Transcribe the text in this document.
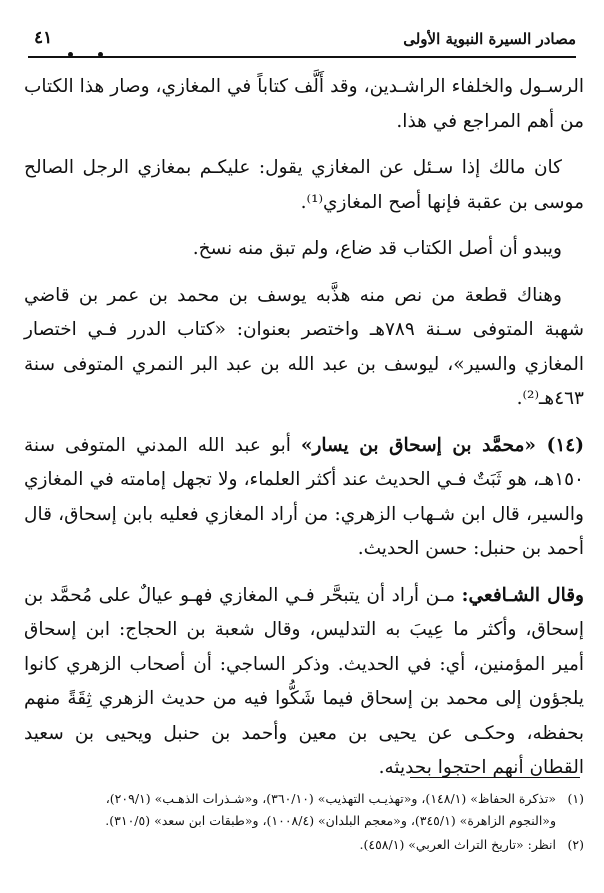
مصادر السيرة النبوية الأولى
٤١

الرسـول والخلفاء الراشـدين، وقد أَلَّف كتاباً في المغازي، وصار هذا الكتاب من أهم المراجع في هذا.

كان مالك إذا سـئل عن المغازي يقول: عليكـم بمغازي الرجل الصالح موسى بن عقبة فإنها أصح المغازي⁽¹⁾.

ويبدو أن أصل الكتاب قد ضاع، ولم تبق منه نسخ.

وهناك قطعة من نص منه هذَّبه يوسف بن محمد بن عمر بن قاضي شهبة المتوفى سـنة ٧٨٩هـ واختصر بعنوان: «كتاب الدرر فـي اختصار المغازي والسير»، ليوسف بن عبد الله بن عبد البر النمري المتوفى سنة ٤٦٣هـ⁽²⁾.

(١٤) «محمَّد بن إسحاق بن يسار» أبو عبد الله المدني المتوفى سنة ١٥٠هـ، هو ثَبَتٌ فـي الحديث عند أكثر العلماء، ولا تجهل إمامته في المغازي والسير، قال ابن شـهاب الزهري: من أراد المغازي فعليه بابن إسحاق، قال أحمد بن حنبل: حسن الحديث.

وقال الشـافعي: مـن أراد أن يتبحَّر فـي المغازي فهـو عيالٌ على مُحمَّد بن إسحاق، وأكثر ما عِيبَ به التدليس، وقال شعبة بن الحجاج: ابن إسحاق أمير المؤمنين، أي: في الحديث. وذكر الساجي: أن أصحاب الزهري كانوا يلجؤون إلى محمد بن إسحاق فيما شَكُّوا فيه من حديث الزهري ثِقَةً منهم بحفظه، وحكـى عن يحيى بن معين وأحمد بن حنبل ويحيى بن سعيد القطان أنهم احتجوا بحديثه.

(١)«تذكرة الحفاظ» (١٤٨/١)، و«تهذيـب التهذيب» (٣٦٠/١٠)، و«شـذرات الذهـب» (٢٠٩/١)،
و«النجوم الزاهرة» (٣٤٥/١)، و«معجم البلدان» (١٠٠٨/٤)، و«طبقات ابن سعد» (٣١٠/٥).
(٢)انظر: «تاريخ التراث العربي» (٤٥٨/١).
